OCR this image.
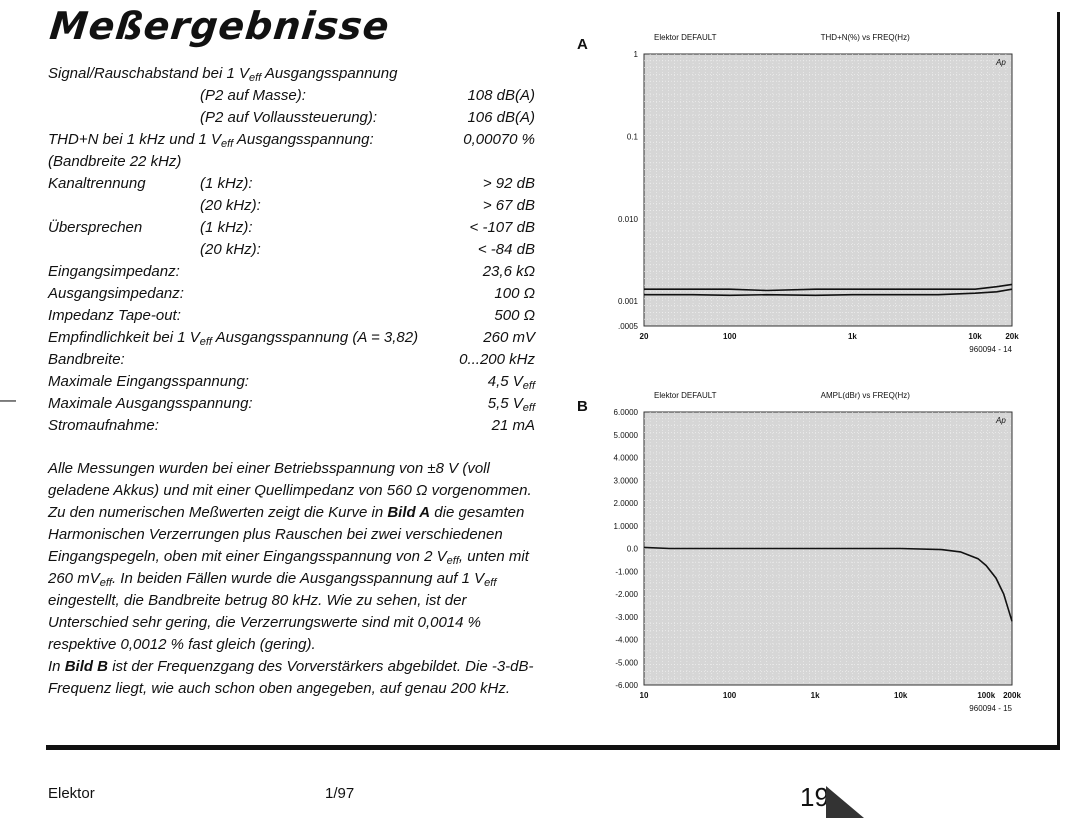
Meßergebnisse
Signal/Rauschabstand bei 1 $V_{eff}$ Ausgangsspannung
(P2 auf Masse):	108 dB(A)
(P2 auf Vollaussteuerung):	106 dB(A)
THD+N bei 1 kHz und 1 $V_{eff}$ Ausgangsspannung:	0,00070 %
(Bandbreite 22 kHz)
Kanaltrennung	(1 kHz):	> 92 dB
(20 kHz):	> 67 dB
Übersprechen	(1 kHz):	< -107 dB
(20 kHz):	< -84 dB
Eingangsimpedanz:	23,6 kΩ
Ausgangsimpedanz:	100 Ω
Impedanz Tape-out:	500 Ω
Empfindlichkeit bei 1 $V_{eff}$ Ausgangsspannung (A = 3,82)	260 mV
Bandbreite:	0...200 kHz
Maximale Eingangsspannung:	4,5 $V_{eff}$
Maximale Ausgangsspannung:	5,5 $V_{eff}$
Stromaufnahme:	21 mA

Alle Messungen wurden bei einer Betriebsspannung von ±8 V (voll geladene Akkus) und mit einer Quellimpedanz von 560 Ω vorgenommen. Zu den numerischen Meßwerten zeigt die Kurve in Bild A die gesamten Harmonischen Verzerrungen plus Rauschen bei zwei verschiedenen Eingangspegeln, oben mit einer Eingangsspannung von 2 $V_{eff}$, unten mit 260 $mV_{eff}$. In beiden Fällen wurde die Ausgangsspannung auf 1 $V_{eff}$ eingestellt, die Bandbreite betrug 80 kHz. Wie zu sehen, ist der Unterschied sehr gering, die Verzerrungswerte sind mit 0,0014 % respektive 0,0012 % fast gleich (gering).

In Bild B ist der Frequenzgang des Vorverstärkers abgebildet. Die -3-dB-Frequenz liegt, wie auch schon oben angegeben, auf genau 200 kHz.

—
A
B
Elektor DEFAULT	THD+N(%) vs FREQ(Hz)
Ap
1
0.1
0.010
0.001
.0005
20	100	1k	10k	20k
960094 - 14
Elektor DEFAULT	AMPL(dBr) vs FREQ(Hz)
Ap
6.0000
5.0000
4.0000
3.0000
2.0000
1.0000
0.0
-1.000
-2.000
-3.000
-4.000
-5.000
-6.000
10	100	1k	10k	100k 200k
960094 - 15
Elektor	1/97	19
